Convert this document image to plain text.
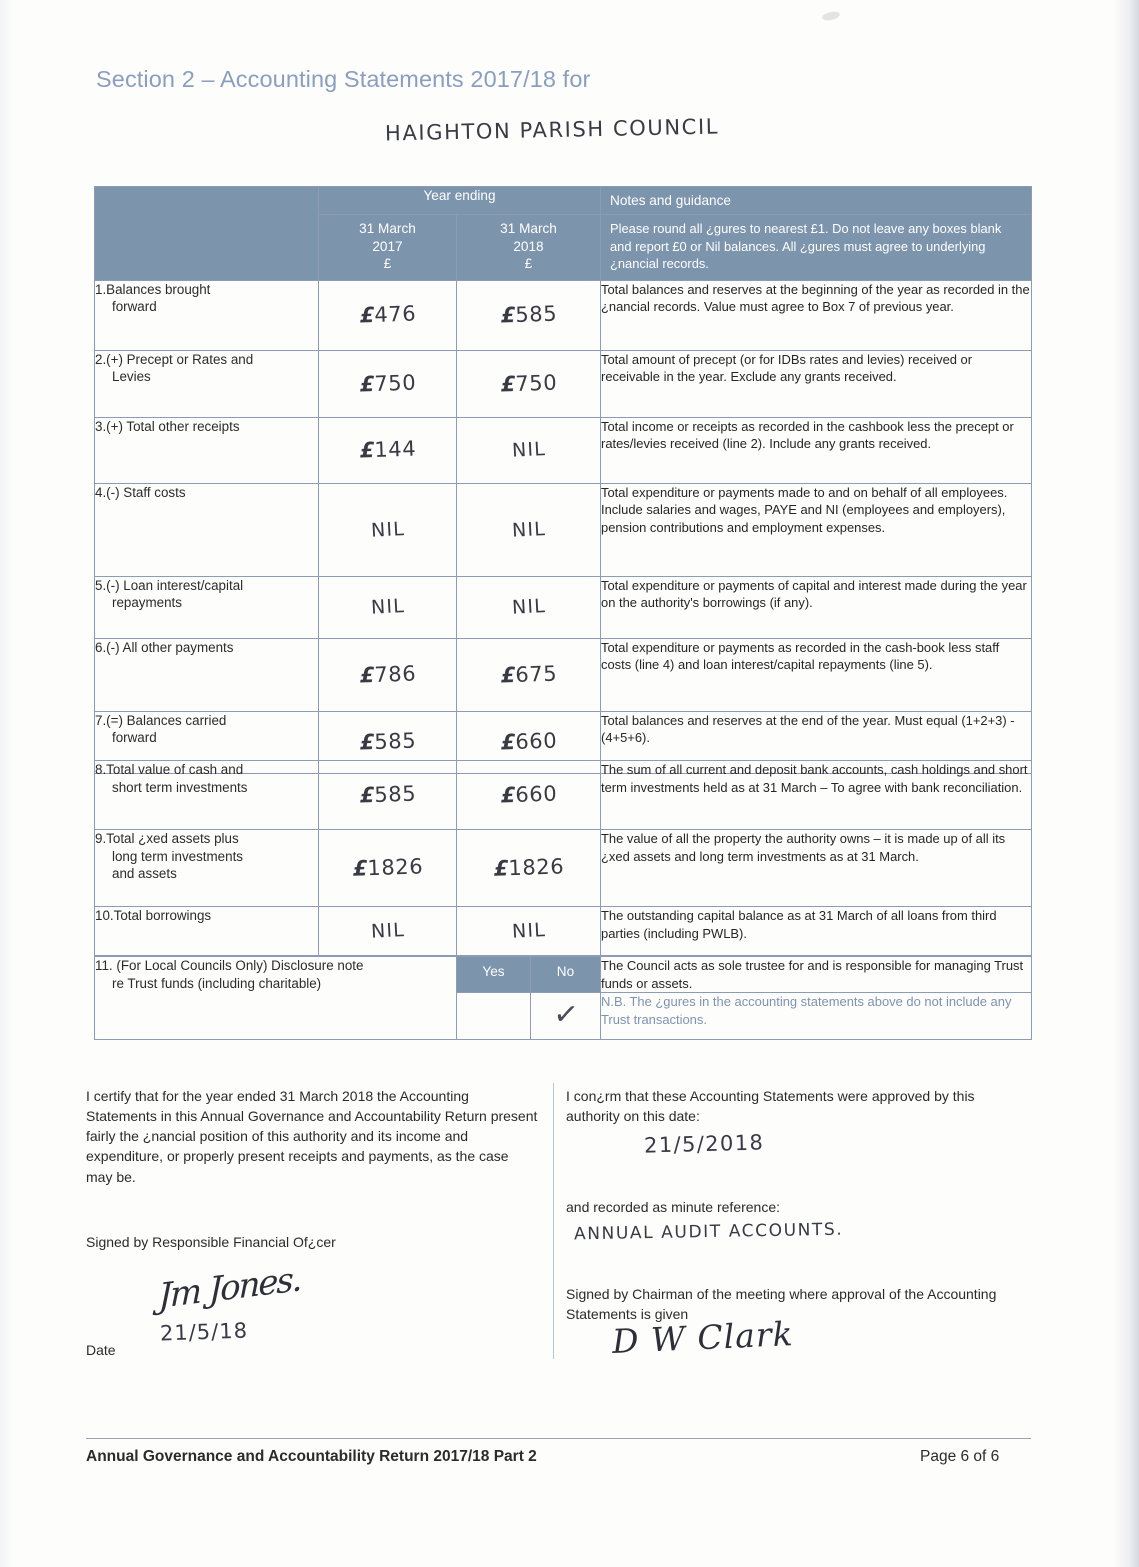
Section 2 – Accounting Statements 2017/18 for
HAIGHTON PARISH COUNCIL
	Year ending		Notes and guidance

31 March
2017
£

31 March
2018
£
	Please round all ¿gures to nearest £1. Do not leave any boxes blank and report £0 or Nil balances. All ¿gures must agree to underlying ¿nancial records.
1.Balances brought
forward	£476	£585	Total balances and reserves at the beginning of the year as recorded in the ¿nancial records. Value must agree to Box 7 of previous year.
2.(+) Precept or Rates and
Levies	£750	£750	Total amount of precept (or for IDBs rates and levies) received or receivable in the year. Exclude any grants received.
3.(+) Total other receipts	£144	NIL	Total income or receipts as recorded in the cashbook less the precept or rates/levies received (line 2). Include any grants received.
4.(-) Staff costs	NIL	NIL	Total expenditure or payments made to and on behalf of all employees. Include salaries and wages, PAYE and NI (employees and employers), pension contributions and employment expenses.
5.(-) Loan interest/capital
repayments	NIL	NIL	Total expenditure or payments of capital and interest made during the year on the authority's borrowings (if any).
6.(-) All other payments	£786	£675	Total expenditure or payments as recorded in the cash-book less staff costs (line 4) and loan interest/capital repayments (line 5).
7.(=) Balances carried
forward	£585	£660	Total balances and reserves at the end of the year. Must equal (1+2+3) - (4+5+6).
8.Total value of cash and
short term investments	£585	£660	The sum of all current and deposit bank accounts, cash holdings and short term investments held as at 31 March – To agree with bank reconciliation.
9.Total ¿xed assets plus
long term investments
and assets	£1826	£1826	The value of all the property the authority owns – it is made up of all its ¿xed assets and long term investments as at 31 March.
10.Total borrowings	NIL	NIL	The outstanding capital balance as at 31 March of all loans from third parties (including PWLB).
11. (For Local Councils Only) Disclosure note
re Trust funds (including charitable)	Yes	No	The Council acts as sole trustee for and is responsible for managing Trust funds or assets.

		✓	N.B. The ¿gures in the accounting statements above do not include any Trust transactions.
I certify that for the year ended 31 March 2018 the Accounting Statements in this Annual Governance and Accountability Return present fairly the ¿nancial position of this authority and its income and expenditure, or properly present receipts and payments, as the case may be.
Signed by Responsible Financial Of¿cer
Jm Jones.
Date
21/5/18
I con¿rm that these Accounting Statements were approved by this authority on this date:
21/5/2018
and recorded as minute reference:
ANNUAL AUDIT ACCOUNTS.
Signed by Chairman of the meeting where approval of the Accounting Statements is given
D W Clark
Annual Governance and Accountability Return 2017/18 Part 2	Page 6 of 6
